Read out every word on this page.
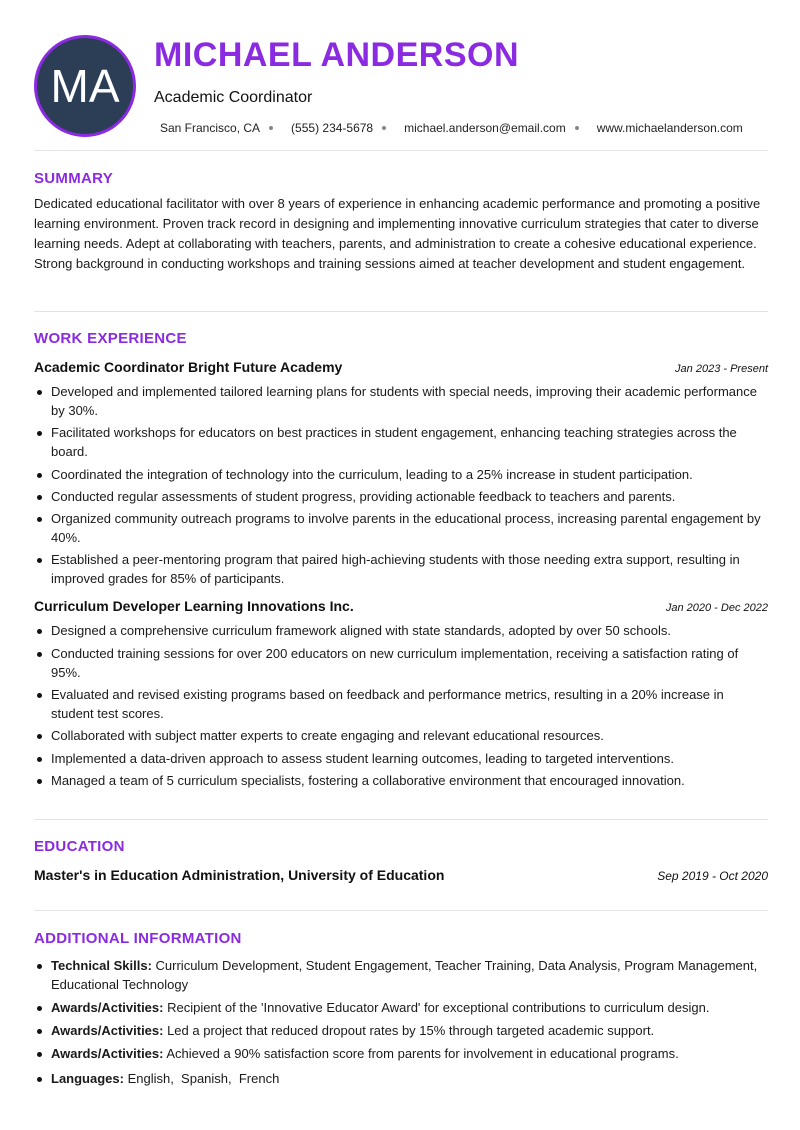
MA
MICHAEL ANDERSON
Academic Coordinator
San Francisco, CA	(555) 234-5678	michael.anderson@email.com	www.michaelanderson.com
SUMMARY

Dedicated educational facilitator with over 8 years of experience in enhancing academic performance and promoting a positive learning environment. Proven track record in designing and implementing innovative curriculum strategies that cater to diverse learning needs. Adept at collaborating with teachers, parents, and administration to create a cohesive educational experience. Strong background in conducting workshops and training sessions aimed at teacher development and student engagement.

WORK EXPERIENCE
Academic Coordinator Bright Future Academy	Jan 2023 - Present
Developed and implemented tailored learning plans for students with special needs, improving their academic performance by 30%.
Facilitated workshops for educators on best practices in student engagement, enhancing teaching strategies across the board.
Coordinated the integration of technology into the curriculum, leading to a 25% increase in student participation.
Conducted regular assessments of student progress, providing actionable feedback to teachers and parents.
Organized community outreach programs to involve parents in the educational process, increasing parental engagement by 40%.
Established a peer-mentoring program that paired high-achieving students with those needing extra support, resulting in improved grades for 85% of participants.
Curriculum Developer Learning Innovations Inc.	Jan 2020 - Dec 2022
Designed a comprehensive curriculum framework aligned with state standards, adopted by over 50 schools.
Conducted training sessions for over 200 educators on new curriculum implementation, receiving a satisfaction rating of 95%.
Evaluated and revised existing programs based on feedback and performance metrics, resulting in a 20% increase in student test scores.
Collaborated with subject matter experts to create engaging and relevant educational resources.
Implemented a data-driven approach to assess student learning outcomes, leading to targeted interventions.
Managed a team of 5 curriculum specialists, fostering a collaborative environment that encouraged innovation.
EDUCATION
Master's in Education Administration, University of Education	Sep 2019 - Oct 2020
ADDITIONAL INFORMATION
Technical Skills: Curriculum Development, Student Engagement, Teacher Training, Data Analysis, Program Management, Educational Technology
Awards/Activities: Recipient of the 'Innovative Educator Award' for exceptional contributions to curriculum design.
Awards/Activities: Led a project that reduced dropout rates by 15% through targeted academic support.
Awards/Activities: Achieved a 90% satisfaction score from parents for involvement in educational programs.
Languages: English,  Spanish,  French
